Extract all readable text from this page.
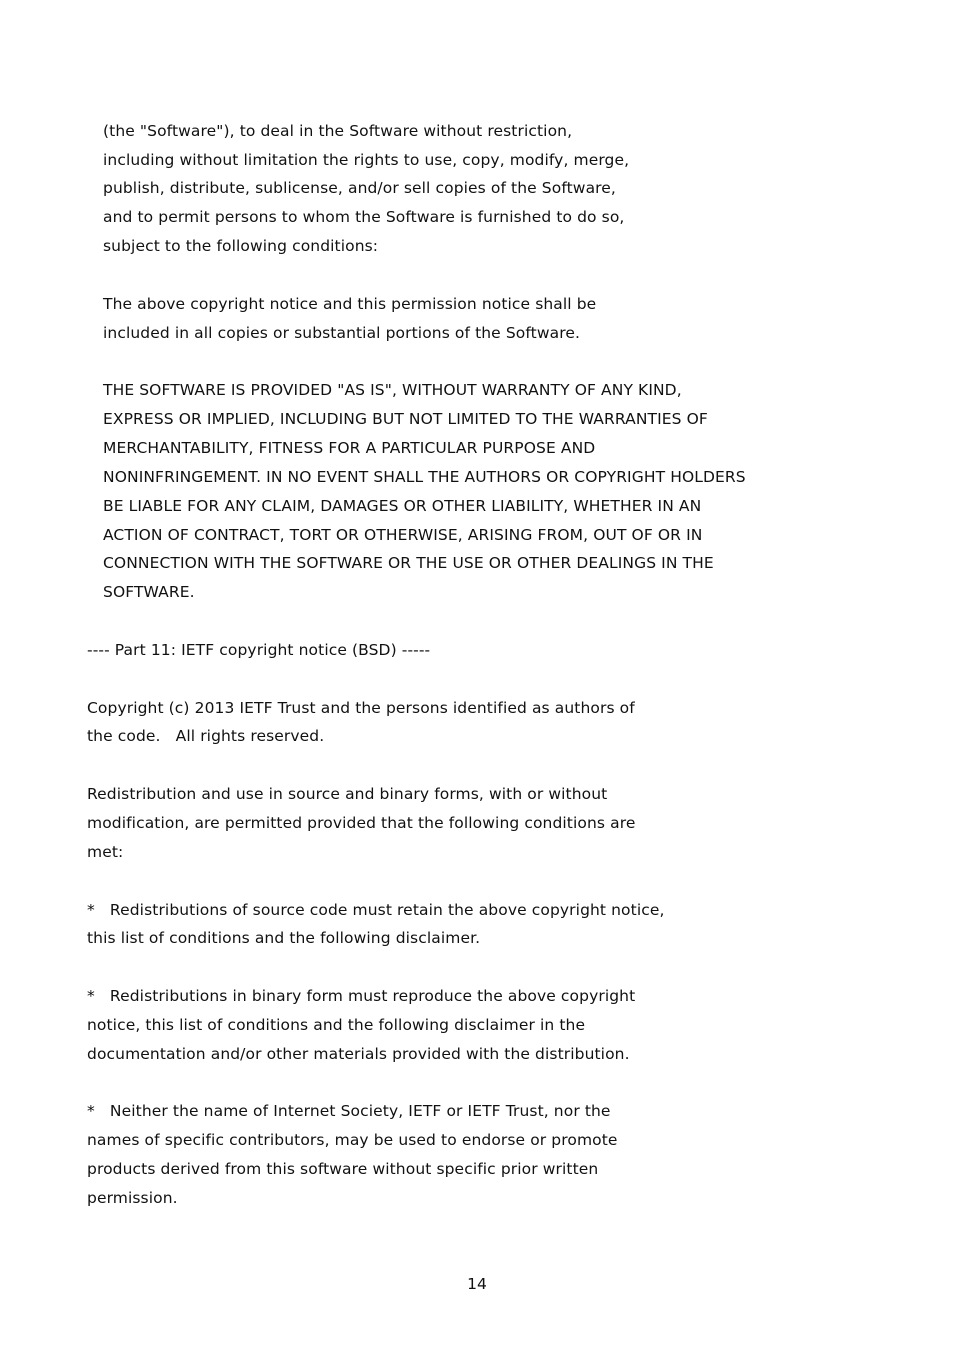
(the "Software"), to deal in the Software without restriction,
including without limitation the rights to use, copy, modify, merge,
publish, distribute, sublicense, and/or sell copies of the Software,
and to permit persons to whom the Software is furnished to do so,
subject to the following conditions:
The above copyright notice and this permission notice shall be
included in all copies or substantial portions of the Software.
THE SOFTWARE IS PROVIDED "AS IS", WITHOUT WARRANTY OF ANY KIND,
EXPRESS OR IMPLIED, INCLUDING BUT NOT LIMITED TO THE WARRANTIES OF
MERCHANTABILITY, FITNESS FOR A PARTICULAR PURPOSE AND
NONINFRINGEMENT. IN NO EVENT SHALL THE AUTHORS OR COPYRIGHT HOLDERS
BE LIABLE FOR ANY CLAIM, DAMAGES OR OTHER LIABILITY, WHETHER IN AN
ACTION OF CONTRACT, TORT OR OTHERWISE, ARISING FROM, OUT OF OR IN
CONNECTION WITH THE SOFTWARE OR THE USE OR OTHER DEALINGS IN THE
SOFTWARE.
---- Part 11: IETF copyright notice (BSD) -----
Copyright (c) 2013 IETF Trust and the persons identified as authors of
the code.   All rights reserved.
Redistribution and use in source and binary forms, with or without
modification, are permitted provided that the following conditions are
met:
*   Redistributions of source code must retain the above copyright notice,
this list of conditions and the following disclaimer.
*   Redistributions in binary form must reproduce the above copyright
notice, this list of conditions and the following disclaimer in the
documentation and/or other materials provided with the distribution.
*   Neither the name of Internet Society, IETF or IETF Trust, nor the
names of specific contributors, may be used to endorse or promote
products derived from this software without specific prior written
permission.
14
